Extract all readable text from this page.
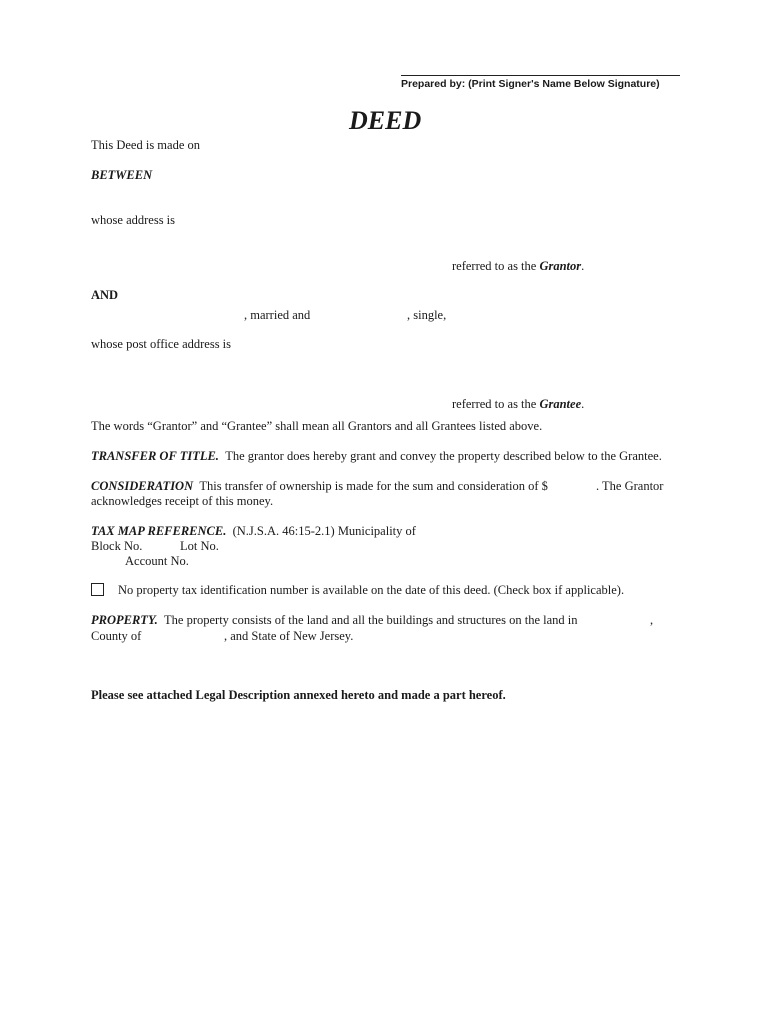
Prepared by: (Print Signer's Name Below Signature)
DEED
This Deed is made on
BETWEEN
whose address is
referred to as the Grantor.
AND
, married and	, single,
whose post office address is
referred to as the Grantee.
The words “Grantor” and “Grantee” shall mean all Grantors and all Grantees listed above.
TRANSFER OF TITLE. The grantor does hereby grant and convey the property described below to the Grantee.
CONSIDERATION This transfer of ownership is made for the sum and consideration of $	. The Grantor
acknowledges receipt of this money.
TAX MAP REFERENCE. (N.J.S.A. 46:15-2.1) Municipality of
Block No.	Lot No.
Account No.
No property tax identification number is available on the date of this deed. (Check box if applicable).
PROPERTY. The property consists of the land and all the buildings and structures on the land in	,
County of	, and State of New Jersey.
Please see attached Legal Description annexed hereto and made a part hereof.
